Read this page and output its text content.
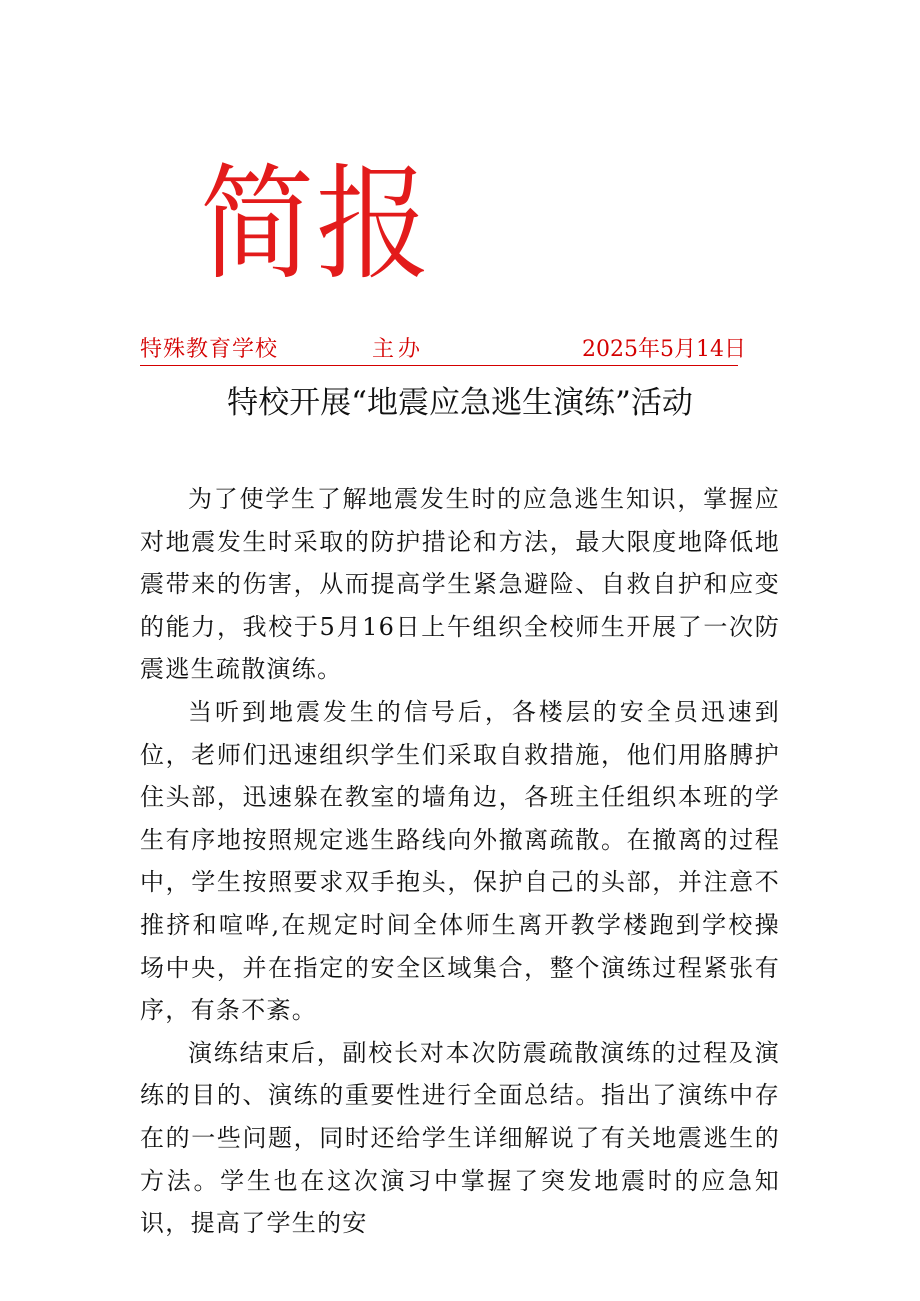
简报
特殊教育学校	主办	2025年5月14日
特校开展“地震应急逃生演练”活动

为了使学生了解地震发生时的应急逃生知识，掌握应对地震发生时采取的防护措论和方法，最大限度地降低地震带来的伤害，从而提高学生紧急避险、自救自护和应变的能力，我校于5月16日上午组织全校师生开展了一次防震逃生疏散演练。

当听到地震发生的信号后，各楼层的安全员迅速到位，老师们迅速组织学生们采取自救措施，他们用胳膊护住头部，迅速躲在教室的墙角边，各班主任组织本班的学生有序地按照规定逃生路线向外撤离疏散。在撤离的过程中，学生按照要求双手抱头，保护自己的头部，并注意不推挤和喧哗,在规定时间全体师生离开教学楼跑到学校操场中央，并在指定的安全区域集合，整个演练过程紧张有序，有条不紊。

演练结束后，副校长对本次防震疏散演练的过程及演练的目的、演练的重要性进行全面总结。指出了演练中存在的一些问题，同时还给学生详细解说了有关地震逃生的方法。学生也在这次演习中掌握了突发地震时的应急知识，提高了学生的安
